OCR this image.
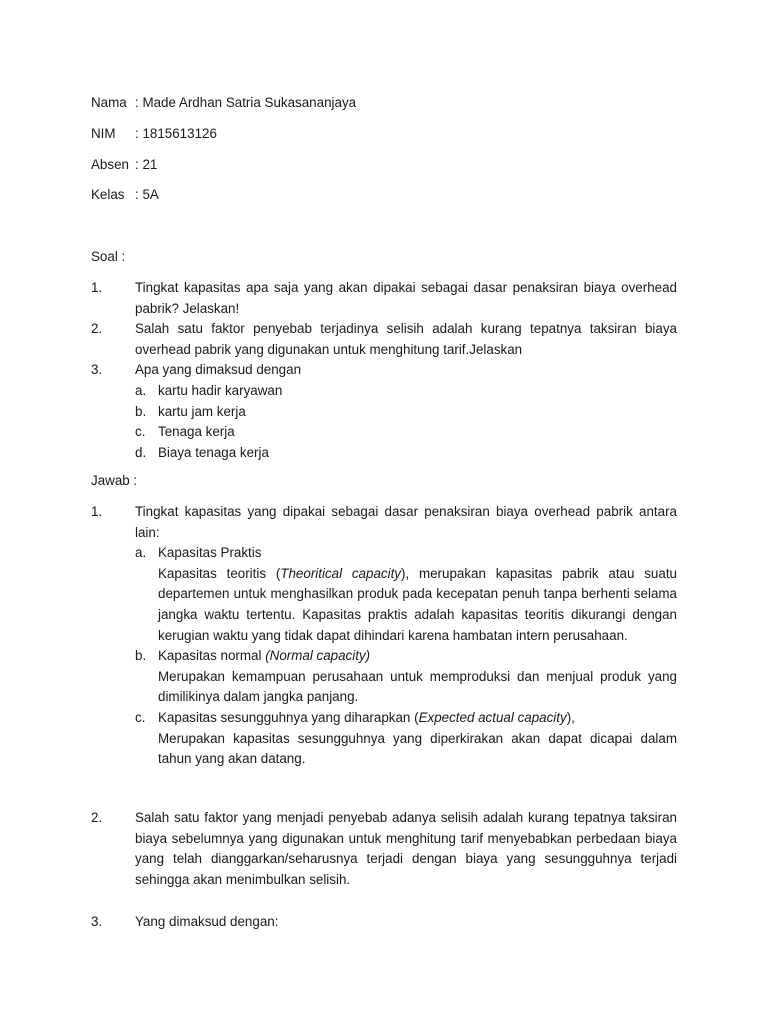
Nama : Made Ardhan Satria Sukasananjaya
NIM	: 1815613126
Absen : 21
Kelas : 5A
Soal :
1.	Tingkat kapasitas apa saja yang akan dipakai sebagai dasar penaksiran biaya overhead pabrik? Jelaskan!
2.	Salah satu faktor penyebab terjadinya selisih adalah kurang tepatnya taksiran biaya overhead pabrik yang digunakan untuk menghitung tarif.Jelaskan
3.	Apa yang dimaksud dengan
a. kartu hadir karyawan
b. kartu jam kerja
c. Tenaga kerja
d. Biaya tenaga kerja
Jawab :
1.	Tingkat kapasitas yang dipakai sebagai dasar penaksiran biaya overhead pabrik antara lain:
a. Kapasitas Praktis
Kapasitas teoritis (Theoritical capacity), merupakan kapasitas pabrik atau suatu departemen untuk menghasilkan produk pada kecepatan penuh tanpa berhenti selama jangka waktu tertentu. Kapasitas praktis adalah kapasitas teoritis dikurangi dengan kerugian waktu yang tidak dapat dihindari karena hambatan intern perusahaan.
b. Kapasitas normal (Normal capacity)
Merupakan kemampuan perusahaan untuk memproduksi dan menjual produk yang dimilikinya dalam jangka panjang.
c. Kapasitas sesungguhnya yang diharapkan (Expected actual capacity),
Merupakan kapasitas sesungguhnya yang diperkirakan akan dapat dicapai dalam tahun yang akan datang.
2.	Salah satu faktor yang menjadi penyebab adanya selisih adalah kurang tepatnya taksiran biaya sebelumnya yang digunakan untuk menghitung tarif menyebabkan perbedaan biaya yang telah dianggarkan/seharusnya terjadi dengan biaya yang sesungguhnya terjadi sehingga akan menimbulkan selisih.
3.	Yang dimaksud dengan:
